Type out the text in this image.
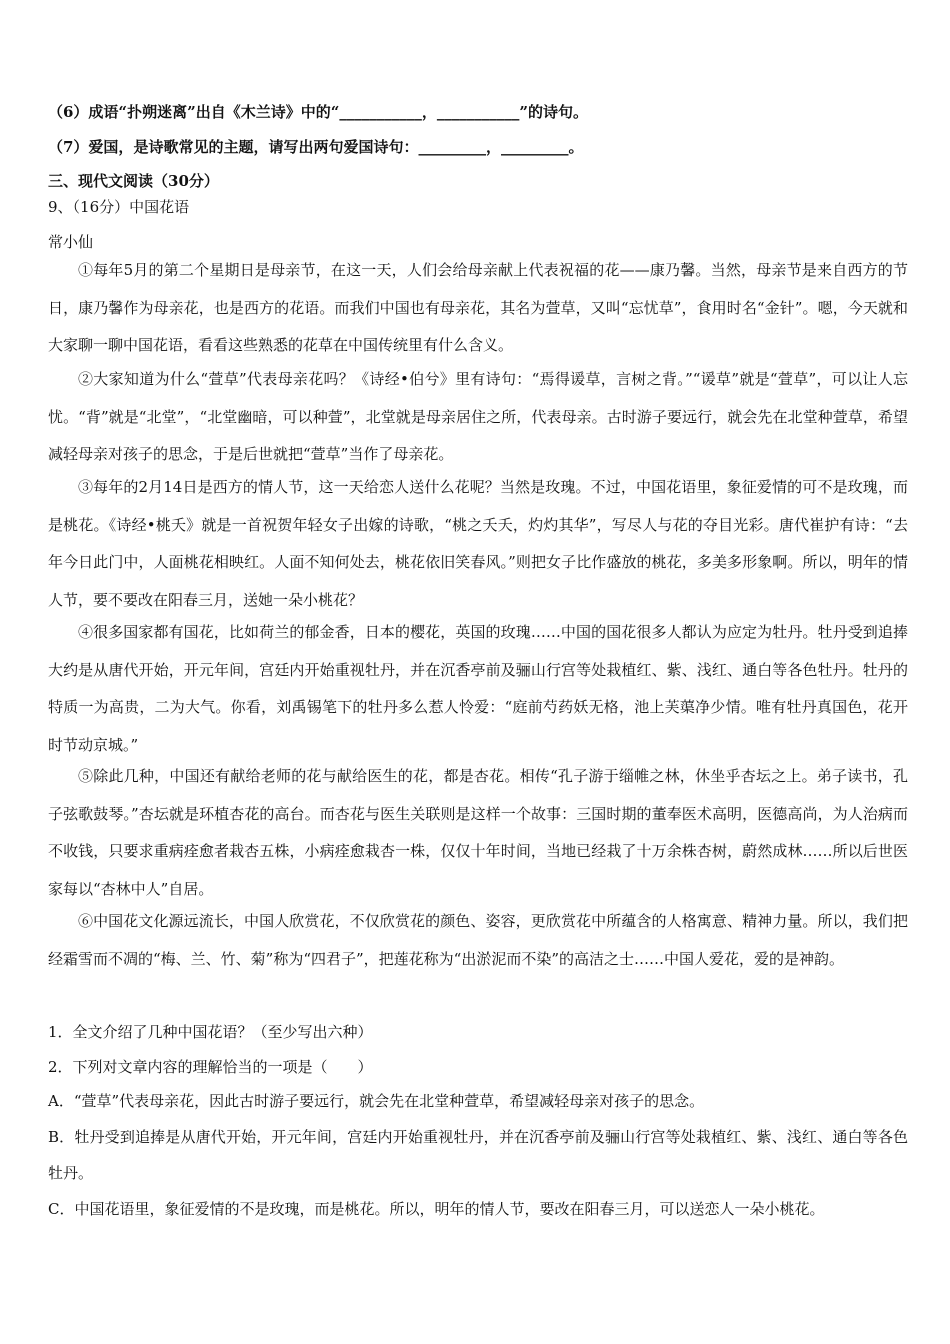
（6）成语“扑朔迷离”出自《木兰诗》中的“___________，___________”的诗句。
（7）爱国，是诗歌常见的主题，请写出两句爱国诗句：_________，_________。
三、现代文阅读（30分）
9、（16分）中国花语
常小仙
①每年5月的第二个星期日是母亲节，在这一天，人们会给母亲献上代表祝福的花——康乃馨。当然，母亲节是来自西方的节日，康乃馨作为母亲花，也是西方的花语。而我们中国也有母亲花，其名为萱草，又叫“忘忧草”，食用时名“金针”。嗯，今天就和大家聊一聊中国花语，看看这些熟悉的花草在中国传统里有什么含义。
②大家知道为什么“萱草”代表母亲花吗？《诗经•伯兮》里有诗句：“焉得谖草，言树之背。”“谖草”就是“萱草”，可以让人忘忧。“背”就是“北堂”，“北堂幽暗，可以种萱”，北堂就是母亲居住之所，代表母亲。古时游子要远行，就会先在北堂种萱草，希望减轻母亲对孩子的思念，于是后世就把“萱草”当作了母亲花。
③每年的2月14日是西方的情人节，这一天给恋人送什么花呢？当然是玫瑰。不过，中国花语里，象征爱情的可不是玫瑰，而是桃花。《诗经•桃夭》就是一首祝贺年轻女子出嫁的诗歌，“桃之夭夭，灼灼其华”，写尽人与花的夺目光彩。唐代崔护有诗：“去年今日此门中，人面桃花相映红。人面不知何处去，桃花依旧笑春风。”则把女子比作盛放的桃花，多美多形象啊。所以，明年的情人节，要不要改在阳春三月，送她一朵小桃花？
④很多国家都有国花，比如荷兰的郁金香，日本的樱花，英国的玫瑰……中国的国花很多人都认为应定为牡丹。牡丹受到追捧大约是从唐代开始，开元年间，宫廷内开始重视牡丹，并在沉香亭前及骊山行宫等处栽植红、紫、浅红、通白等各色牡丹。牡丹的特质一为高贵，二为大气。你看，刘禹锡笔下的牡丹多么惹人怜爱：“庭前芍药妖无格，池上芙蕖净少情。唯有牡丹真国色，花开时节动京城。”
⑤除此几种，中国还有献给老师的花与献给医生的花，都是杏花。相传“孔子游于缁帷之林，休坐乎杏坛之上。弟子读书，孔子弦歌鼓琴。”杏坛就是环植杏花的高台。而杏花与医生关联则是这样一个故事：三国时期的董奉医术高明，医德高尚，为人治病而不收钱，只要求重病痊愈者栽杏五株，小病痊愈栽杏一株，仅仅十年时间，当地已经栽了十万余株杏树，蔚然成林……所以后世医家每以“杏林中人”自居。
⑥中国花文化源远流长，中国人欣赏花，不仅欣赏花的颜色、姿容，更欣赏花中所蕴含的人格寓意、精神力量。所以，我们把经霜雪而不凋的“梅、兰、竹、菊”称为“四君子”，把莲花称为“出淤泥而不染”的高洁之士……中国人爱花，爱的是神韵。
1．全文介绍了几种中国花语？（至少写出六种）
2．下列对文章内容的理解恰当的一项是（　　）
A．“萱草”代表母亲花，因此古时游子要远行，就会先在北堂种萱草，希望减轻母亲对孩子的思念。
B．牡丹受到追捧是从唐代开始，开元年间，宫廷内开始重视牡丹，并在沉香亭前及骊山行宫等处栽植红、紫、浅红、通白等各色牡丹。
C．中国花语里，象征爱情的不是玫瑰，而是桃花。所以，明年的情人节，要改在阳春三月，可以送恋人一朵小桃花。
